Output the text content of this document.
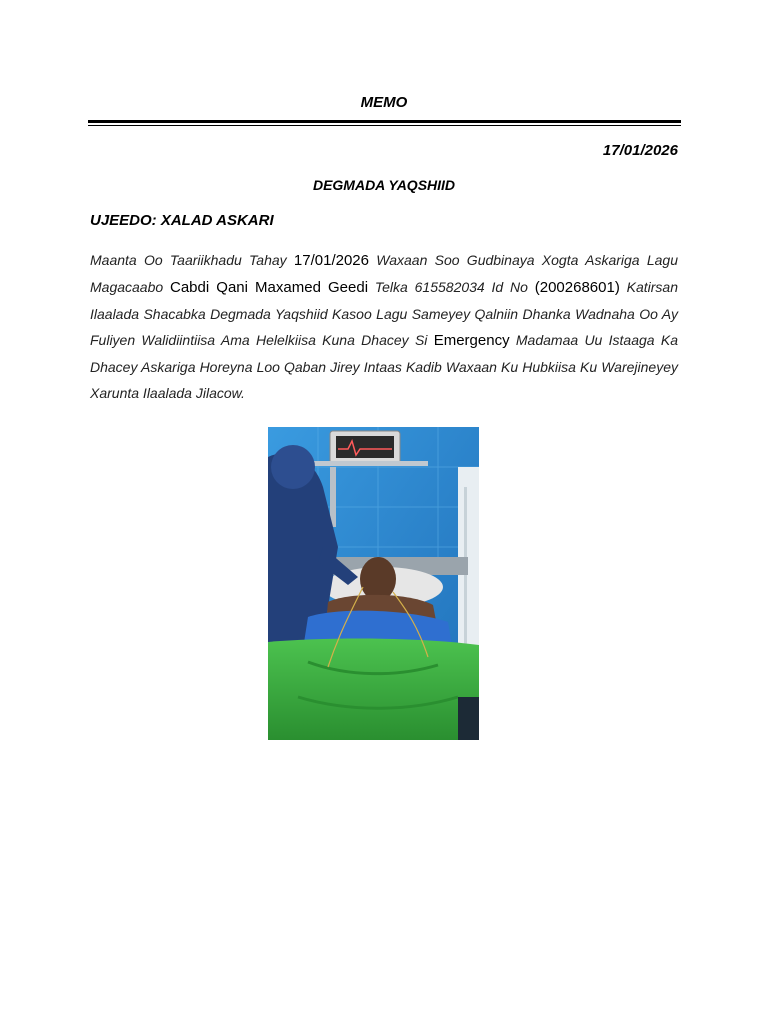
MEMO
17/01/2026
DEGMADA YAQSHIID
UJEEDO: XALAD ASKARI
Maanta Oo Taariikhadu Tahay 17/01/2026 Waxaan Soo Gudbinaya Xogta Askariga Lagu Magacaabo Cabdi Qani Maxamed Geedi Telka 615582034 Id No (200268601) Katirsan Ilaalada Shacabka Degmada Yaqshiid Kasoo Lagu Sameyey Qalniin Dhanka Wadnaha Oo Ay Fuliyen Walidiintiisa Ama Helelkiisa Kuna Dhacey Si Emergency Madamaa Uu Istaaga Ka Dhacey Askariga Horeyna Loo Qaban Jirey Intaas Kadib Waxaan Ku Hubkiisa Ku Warejineyey Xarunta Ilaalada Jilacow.
